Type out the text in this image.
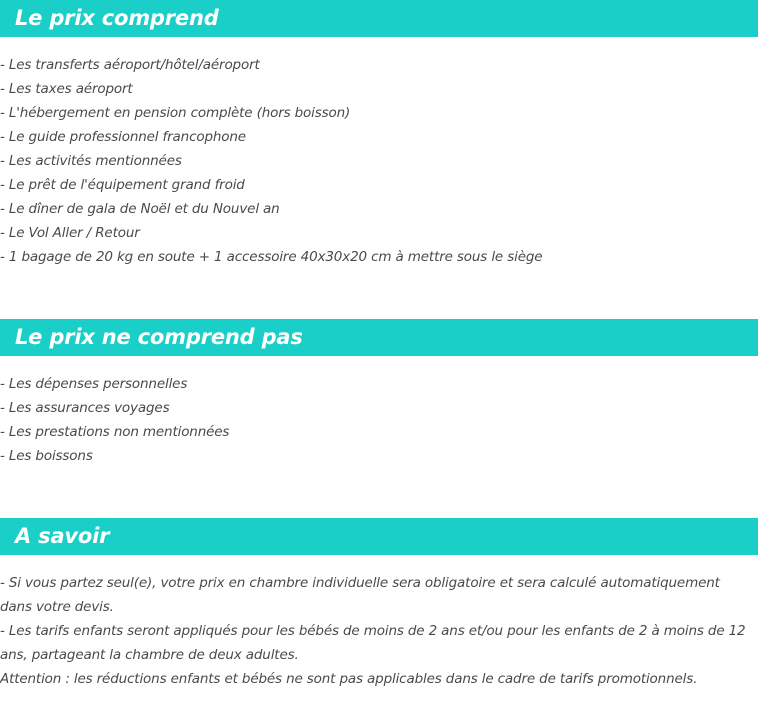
Le prix comprend
- Les transferts aéroport/hôtel/aéroport
- Les taxes aéroport
- L'hébergement en pension complète (hors boisson)
- Le guide professionnel francophone
- Les activités mentionnées
- Le prêt de l'équipement grand froid
- Le dîner de gala de Noël et du Nouvel an
- Le Vol Aller / Retour
- 1 bagage de 20 kg en soute + 1 accessoire 40x30x20 cm à mettre sous le siège
Le prix ne comprend pas
- Les dépenses personnelles
- Les assurances voyages
- Les prestations non mentionnées
- Les boissons
A savoir

- Si vous partez seul(e), votre prix en chambre individuelle sera obligatoire et sera calculé automatiquement dans votre devis.

- Les tarifs enfants seront appliqués pour les bébés de moins de 2 ans et/ou pour les enfants de 2 à moins de 12 ans, partageant la chambre de deux adultes.

Attention : les réductions enfants et bébés ne sont pas applicables dans le cadre de tarifs promotionnels.
